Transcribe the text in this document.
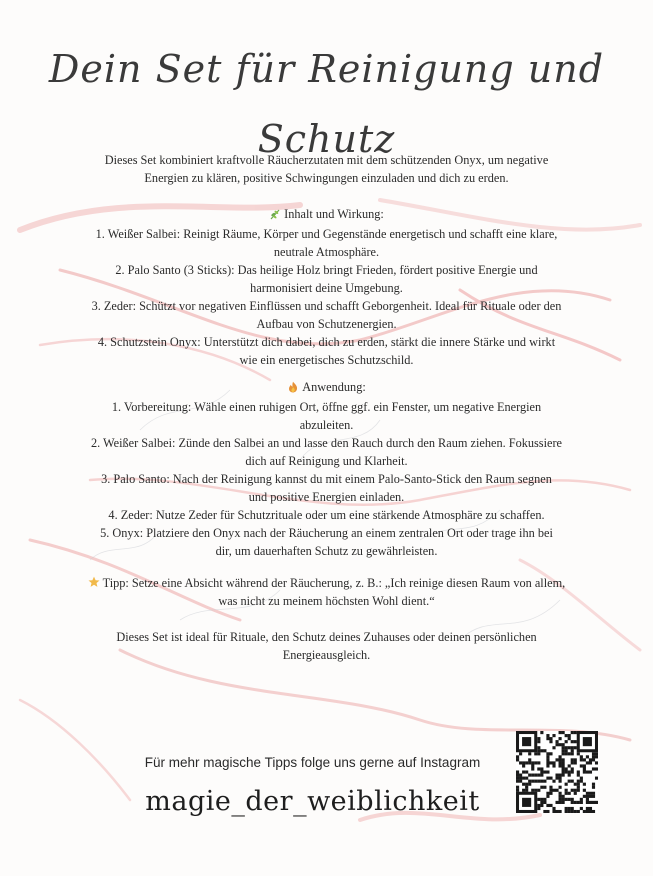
Dein Set für Reinigung und Schutz

Dieses Set kombiniert kraftvolle Räucherzutaten mit dem schützenden Onyx, um negative

Energien zu klären, positive Schwingungen einzuladen und dich zu erden.

Inhalt und Wirkung:

1. Weißer Salbei: Reinigt Räume, Körper und Gegenstände energetisch und schafft eine klare,

neutrale Atmosphäre.

2. Palo Santo (3 Sticks): Das heilige Holz bringt Frieden, fördert positive Energie und

harmonisiert deine Umgebung.

3. Zeder: Schützt vor negativen Einflüssen und schafft Geborgenheit. Ideal für Rituale oder den

Aufbau von Schutzenergien.

4. Schutzstein Onyx: Unterstützt dich dabei, dich zu erden, stärkt die innere Stärke und wirkt

wie ein energetisches Schutzschild.

Anwendung:

1. Vorbereitung: Wähle einen ruhigen Ort, öffne ggf. ein Fenster, um negative Energien

abzuleiten.

2. Weißer Salbei: Zünde den Salbei an und lasse den Rauch durch den Raum ziehen. Fokussiere

dich auf Reinigung und Klarheit.

3. Palo Santo: Nach der Reinigung kannst du mit einem Palo-Santo-Stick den Raum segnen

und positive Energien einladen.

4. Zeder: Nutze Zeder für Schutzrituale oder um eine stärkende Atmosphäre zu schaffen.

5. Onyx: Platziere den Onyx nach der Räucherung an einem zentralen Ort oder trage ihn bei

dir, um dauerhaften Schutz zu gewährleisten.

Tipp: Setze eine Absicht während der Räucherung, z. B.: „Ich reinige diesen Raum von allem,

was nicht zu meinem höchsten Wohl dient.“

Dieses Set ist ideal für Rituale, den Schutz deines Zuhauses oder deinen persönlichen

Energieausgleich.

Für mehr magische Tipps folge uns gerne auf Instagram
magie_der_weiblichkeit
